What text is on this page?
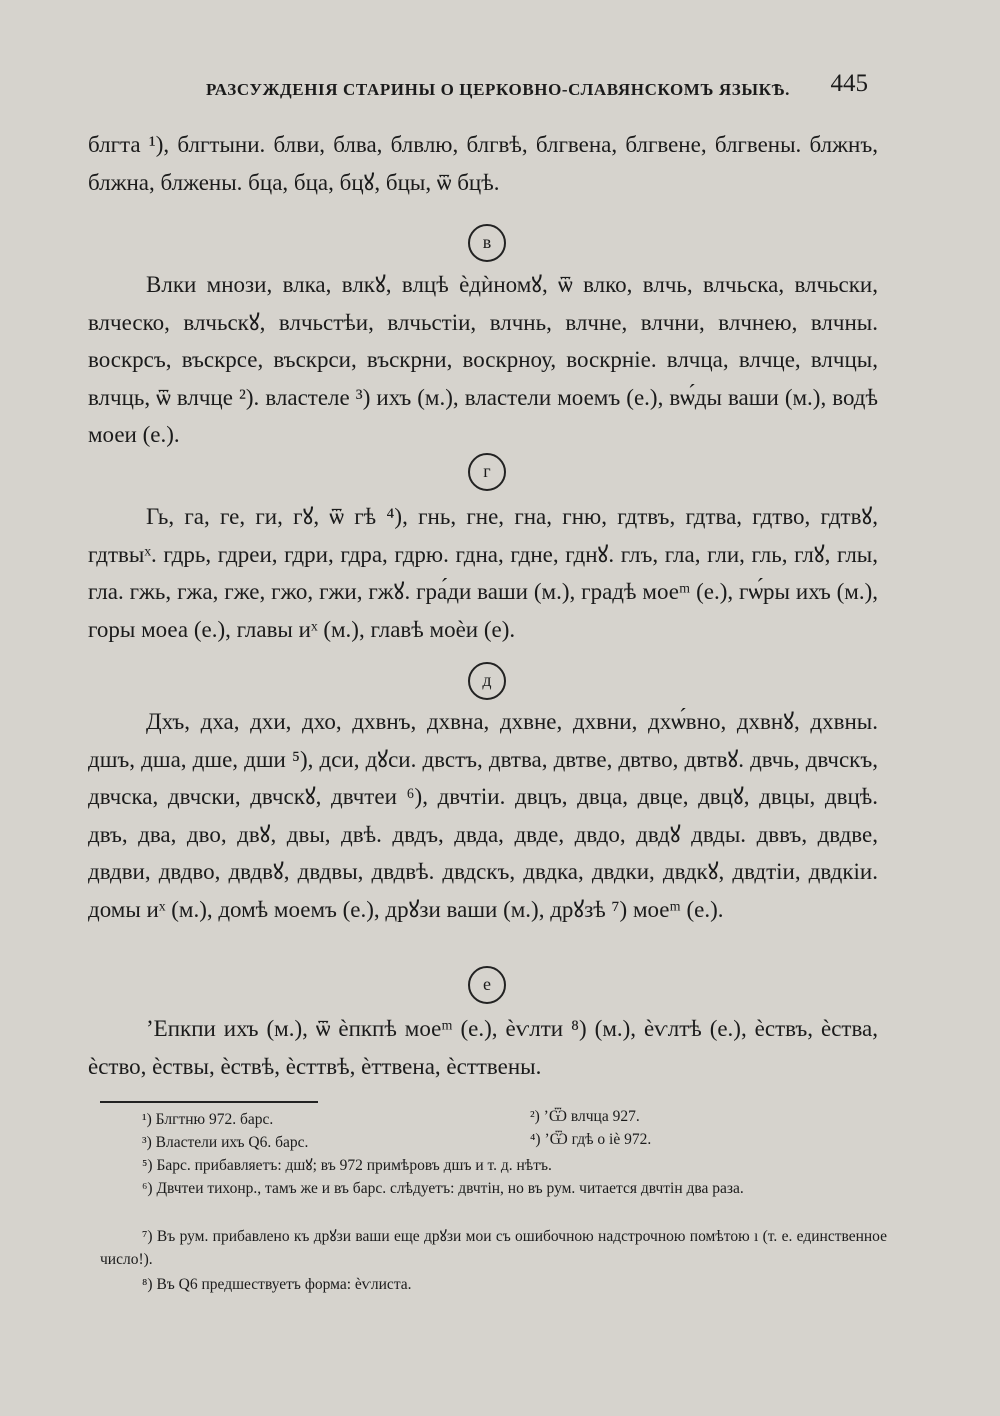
РАЗСУЖДЕНІЯ СТАРИНЫ О ЦЕРКОВНО-СЛАВЯНСКОМЪ ЯЗЫКѢ. 445
блгта ¹), блгтыни. блви, блва, блвлю, блгвѣ, блгвена, блгвене, блгвены. блжнъ, блжна, блжены. бца, бца, бцꙋ, бцы, ѿ бцѣ.
в
Влки мнози, влка, влкꙋ, влцѣ ѐдѝномꙋ, ѿ влко, влчь, влчьска, влчьски, влческо, влчьскꙋ, влчьстѣи, влчьстіи, влчнь, влчне, влчни, влчнею, влчны. воскрсъ, въскрсе, въскрси, въскрни, воскрноу, воскрніе. влчца, влчце, влчцы, влчць, ѿ влчце ²). властеле ³) ихъ (м.), властели моемъ (е.), вѡ́ды ваши (м.), водѣ моеи (е.).
г
Гь, га, ге, ги, гꙋ, ѿ гѣ ⁴), гнь, гне, гна, гню, гдтвъ, гдтва, гдтво, гдтвꙋ, гдтвыˣ. гдрь, гдреи, гдри, гдра, гдрю. гдна, гдне, гднꙋ. глъ, гла, гли, гль, глꙋ, глы, гла. гжь, гжа, гже, гжо, гжи, гжꙋ. гра́ди ваши (м.), градѣ моеᵐ (е.), гѡ́ры ихъ (м.), горы моеа (е.), главы иˣ (м.), главѣ моѐи (е).
д
Дхъ, дха, дхи, дхо, дхвнъ, дхвна, дхвне, дхвни, дхѡ́вно, дхвнꙋ, дхвны. дшъ, дша, дше, дши ⁵), дси, дꙋси. двстъ, двтва, двтве, двтво, двтвꙋ. двчь, двчскъ, двчска, двчски, двчскꙋ, двчтеи ⁶), двчтіи. двцъ, двца, двце, двцꙋ, двцы, двцѣ. двъ, два, дво, двꙋ, двы, двѣ. двдъ, двда, двде, двдо, двдꙋ двды. дввъ, двдве, двдви, двдво, двдвꙋ, двдвы, двдвѣ. двдскъ, двдка, двдки, двдкꙋ, двдтіи, двдкіи. домы иˣ (м.), домѣ моемъ (е.), дрꙋзи ваши (м.), дрꙋзѣ ⁷) моеᵐ (е.).
е
ʼЕпкпи ихъ (м.), ѿ ѐпкпѣ моеᵐ (е.), ѐѵлти ⁸) (м.), ѐѵлтѣ (е.), ѐствъ, ѐства, ѐство, ѐствы, ѐствѣ, ѐсттвѣ, ѐттвена, ѐсттвены.
¹) Блгтню 972. барс.	²) ʼѾ влчца 927.
³) Властели ихъ Q6. барс.	⁴) ʼѾ гдѣ о іѐ 972.
⁵) Барс. прибавляетъ: дшꙋ; въ 972 примѣровъ дшъ и т. д. нѣтъ.
⁶) Двчтеи тихонр., тамъ же и въ барс. слѣдуетъ: двчтін, но въ рум. читается двчтін два раза.
⁷) Въ рум. прибавлено къ дрꙋзи ваши еще дрꙋзи мои съ ошибочною надстрочною помѣтою ı (т. е. единственное число!).
⁸) Въ Q6 предшествуетъ форма: ѐѵлиста.
